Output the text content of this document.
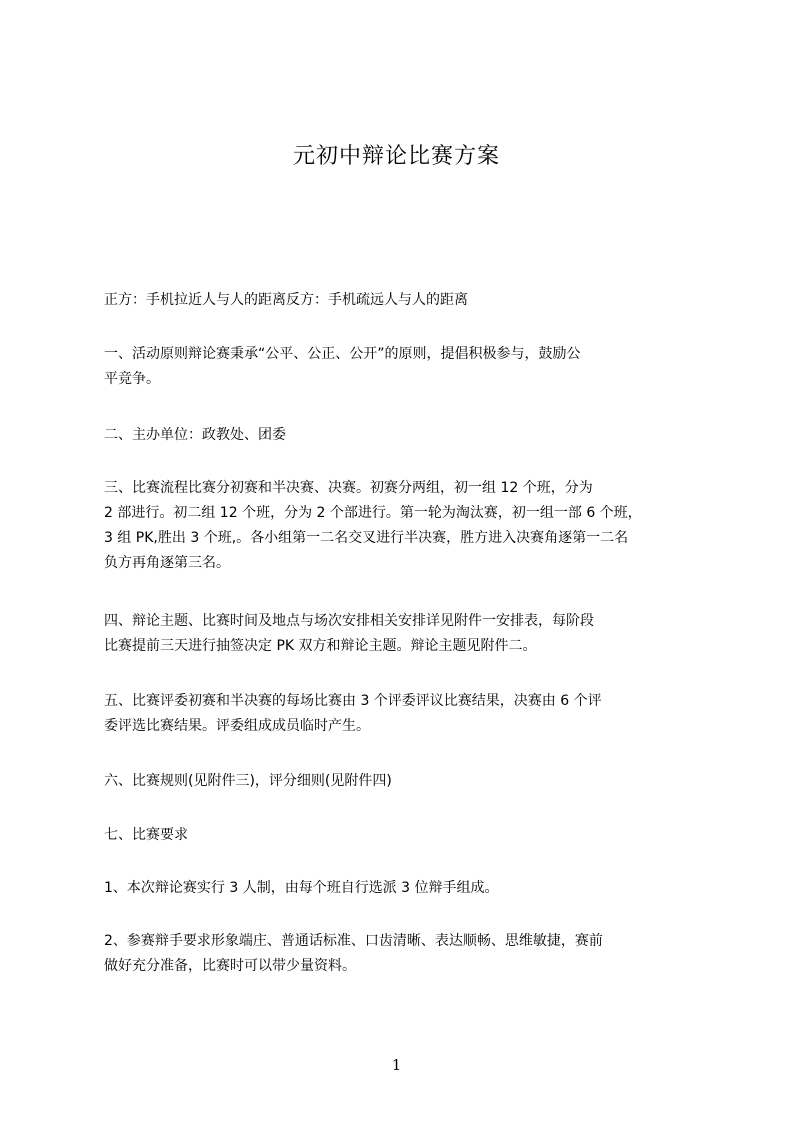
元初中辩论比赛方案
正方：手机拉近人与人的距离反方：手机疏远人与人的距离
一、活动原则辩论赛秉承“公平、公正、公开”的原则，提倡积极参与，鼓励公
平竞争。
二、主办单位：政教处、团委
三、比赛流程比赛分初赛和半决赛、决赛。初赛分两组，初一组 12 个班，分为
2 部进行。初二组 12 个班，分为 2 个部进行。第一轮为淘汰赛，初一组一部 6 个班，
3 组 PK,胜出 3 个班,。各小组第一二名交叉进行半决赛，胜方进入决赛角逐第一二名
负方再角逐第三名。
四、辩论主题、比赛时间及地点与场次安排相关安排详见附件一安排表，每阶段
比赛提前三天进行抽签决定 PK 双方和辩论主题。辩论主题见附件二。
五、比赛评委初赛和半决赛的每场比赛由 3 个评委评议比赛结果，决赛由 6 个评
委评选比赛结果。评委组成成员临时产生。
六、比赛规则(见附件三)，评分细则(见附件四)
七、比赛要求
1、本次辩论赛实行 3 人制，由每个班自行选派 3 位辩手组成。
2、参赛辩手要求形象端庄、普通话标准、口齿清晰、表达顺畅、思维敏捷，赛前
做好充分准备，比赛时可以带少量资料。
1
